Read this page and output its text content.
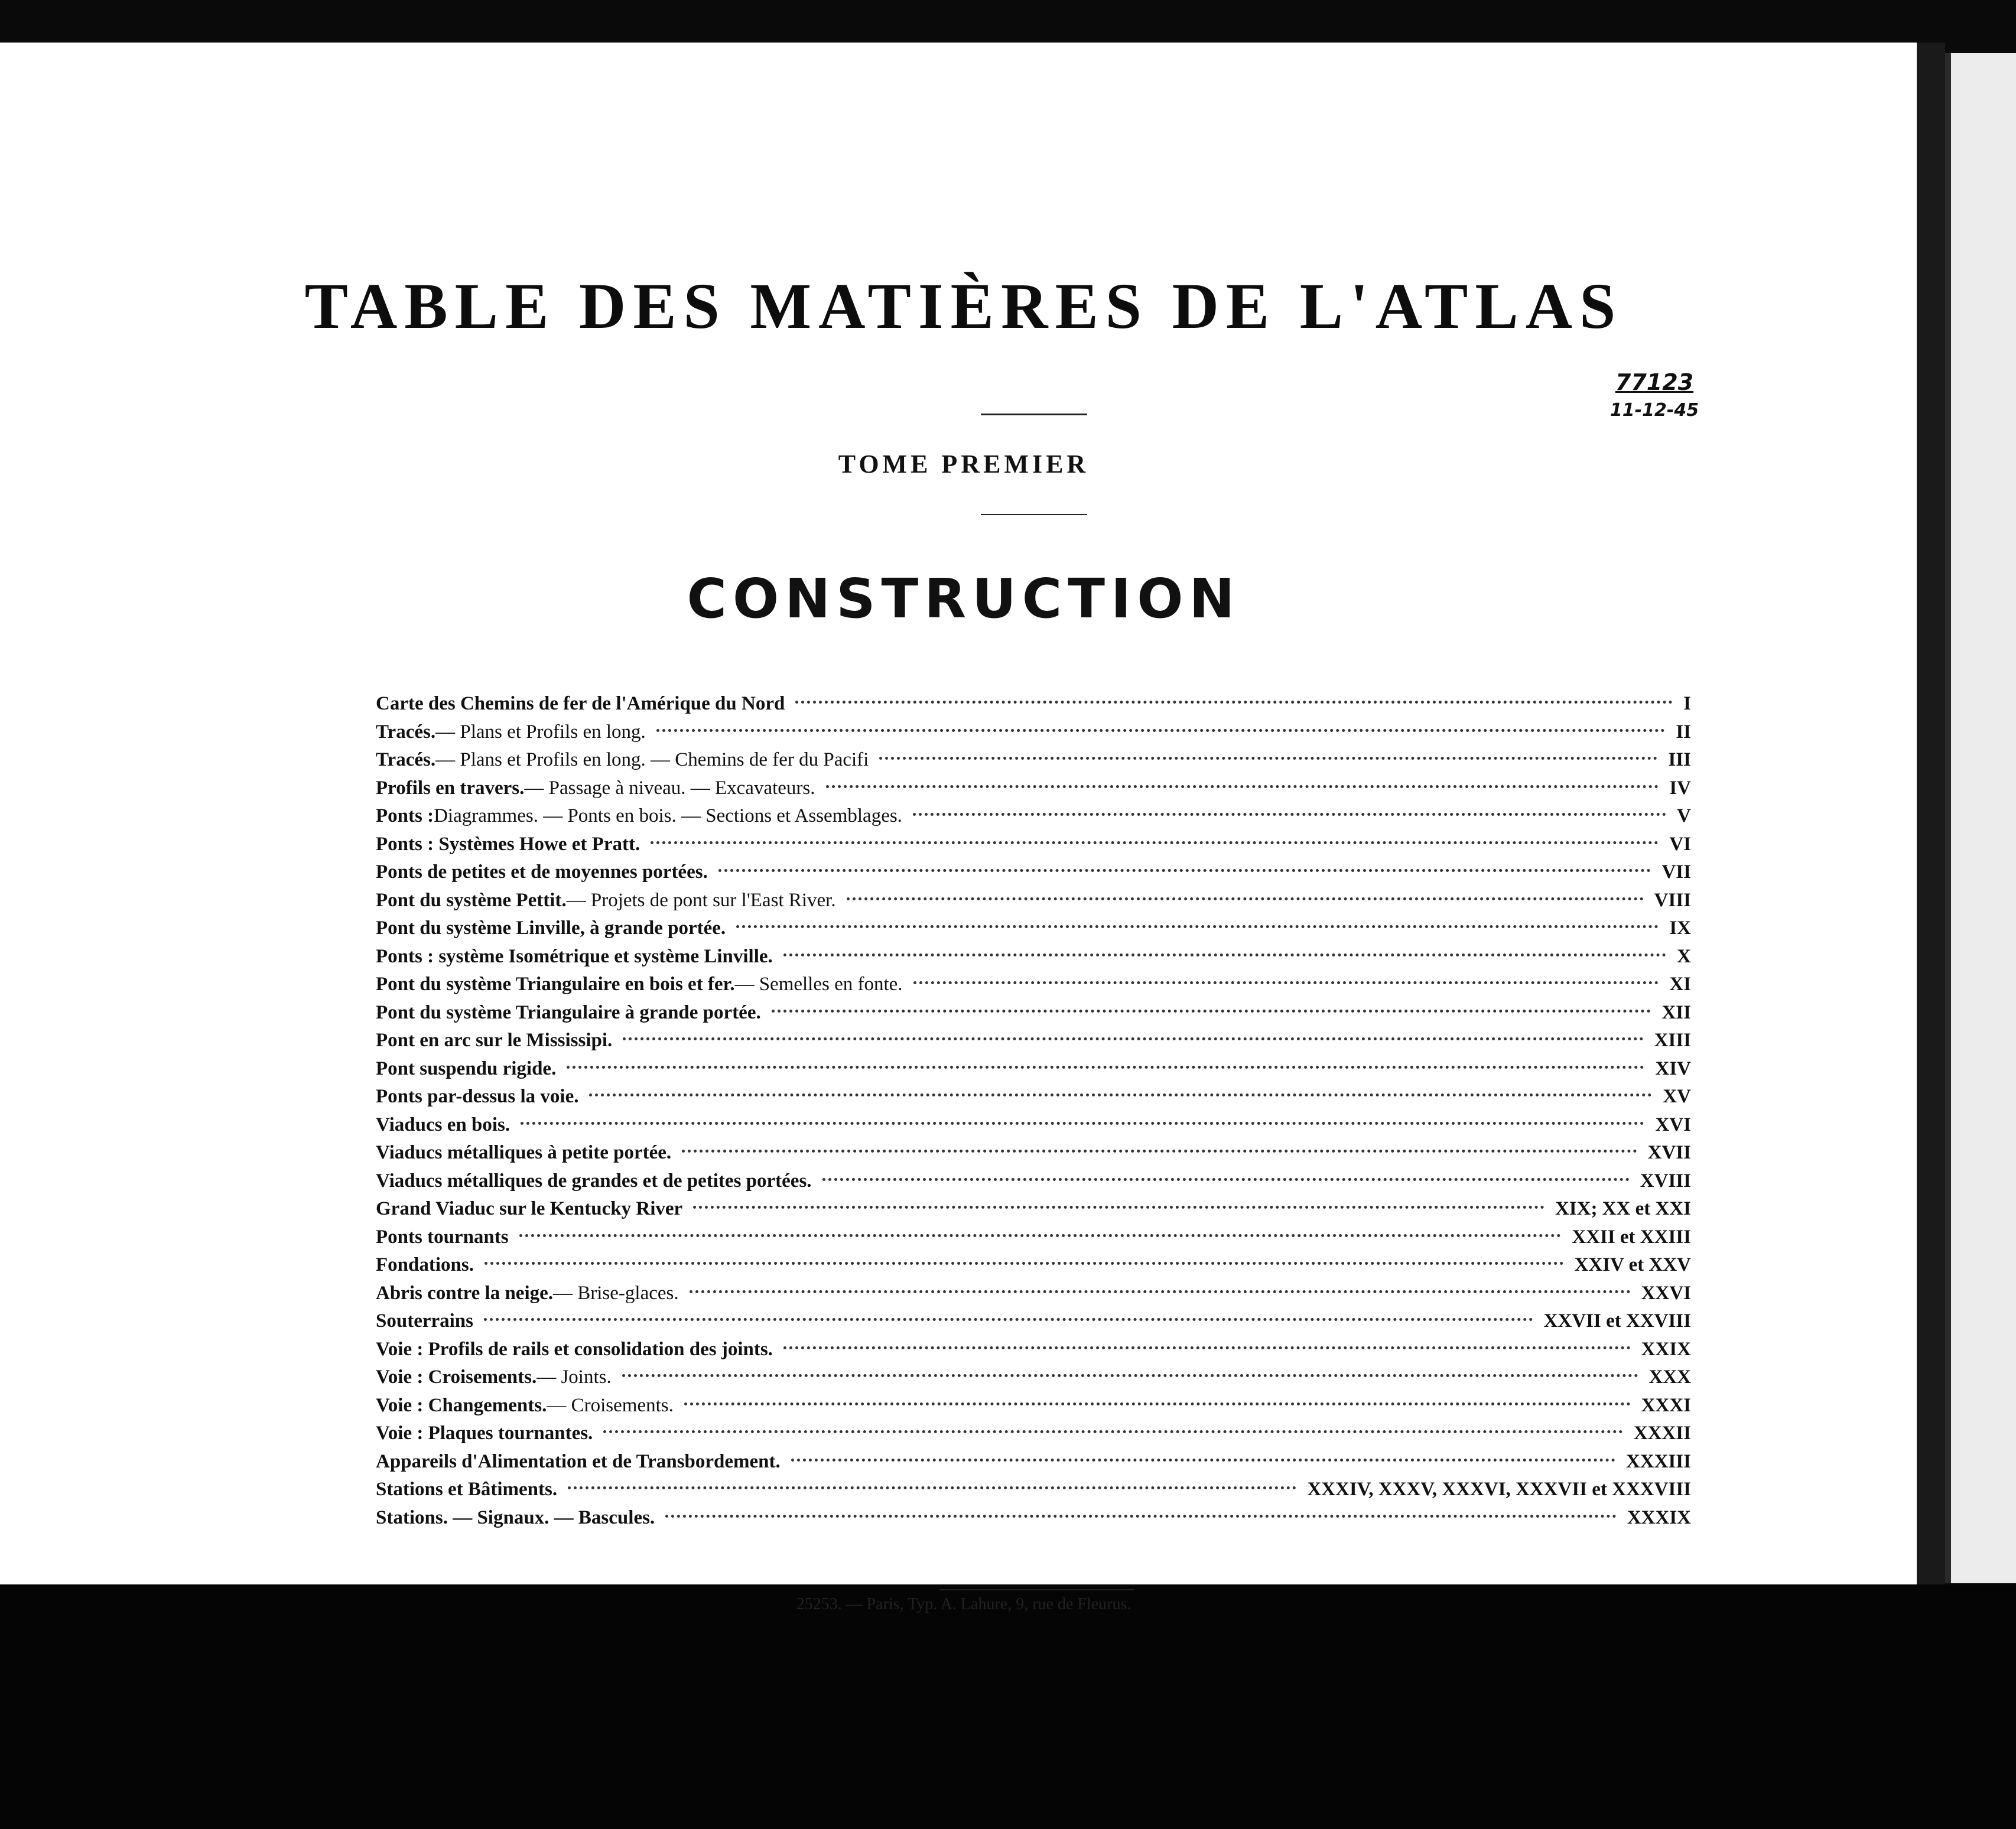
TABLE DES MATIÈRES DE L'ATLAS
77123
11-12-45
TOME PREMIER
CONSTRUCTION
Carte des Chemins de fer de l'Amérique du Nord	I
Tracés. — Plans et Profils en long.	II
Tracés. — Plans et Profils en long. — Chemins de fer du Pacifi	III
Profils en travers. — Passage à niveau. — Excavateurs.	IV
Ponts : Diagrammes. — Ponts en bois. — Sections et Assemblages.	V
Ponts : Systèmes Howe et Pratt.	VI
Ponts de petites et de moyennes portées.	VII
Pont du système Pettit. — Projets de pont sur l'East River.	VIII
Pont du système Linville, à grande portée.	IX
Ponts : système Isométrique et système Linville.	X
Pont du système Triangulaire en bois et fer. — Semelles en fonte.	XI
Pont du système Triangulaire à grande portée.	XII
Pont en arc sur le Mississipi.	XIII
Pont suspendu rigide.	XIV
Ponts par-dessus la voie.	XV
Viaducs en bois.	XVI
Viaducs métalliques à petite portée.	XVII
Viaducs métalliques de grandes et de petites portées.	XVIII
Grand Viaduc sur le Kentucky River	XIX; XX et XXI
Ponts tournants	XXII et XXIII
Fondations.	XXIV et XXV
Abris contre la neige. — Brise-glaces.	XXVI
Souterrains	XXVII et XXVIII
Voie : Profils de rails et consolidation des joints.	XXIX
Voie : Croisements. — Joints.	XXX
Voie : Changements. — Croisements.	XXXI
Voie : Plaques tournantes.	XXXII
Appareils d'Alimentation et de Transbordement.	XXXIII
Stations et Bâtiments.	XXXIV, XXXV, XXXVI, XXXVII et XXXVIII
Stations. — Signaux. — Bascules.	XXXIX
25253. — Paris, Typ. A. Lahure, 9, rue de Fleurus.
